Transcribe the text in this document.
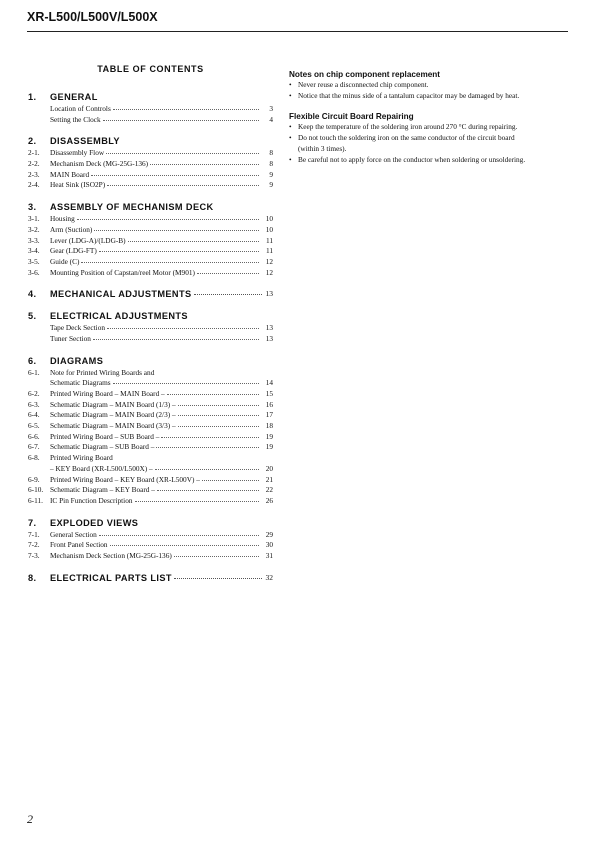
XR-L500/L500V/L500X
TABLE OF CONTENTS
1.	GENERAL
Location of Controls	3
Setting the Clock	4
2.	DISASSEMBLY
2-1.	Disassembly Flow	8
2-2.	Mechanism Deck (MG-25G-136)	8
2-3.	MAIN Board	9
2-4.	Heat Sink (ISO2P)	9
3.	ASSEMBLY OF MECHANISM DECK
3-1.	Housing	10
3-2.	Arm (Suction)	10
3-3.	Lever (LDG-A)/(LDG-B)	11
3-4.	Gear (LDG-FT)	11
3-5.	Guide (C)	12
3-6.	Mounting Position of Capstan/reel Motor (M901)	12
4.	MECHANICAL ADJUSTMENTS	13
5.	ELECTRICAL ADJUSTMENTS
Tape Deck Section	13
Tuner Section	13
6.	DIAGRAMS
6-1.	Note for Printed Wiring Boards and
Schematic Diagrams	14
6-2.	Printed Wiring Board – MAIN Board –	15
6-3.	Schematic Diagram – MAIN Board (1/3) –	16
6-4.	Schematic Diagram – MAIN Board (2/3) –	17
6-5.	Schematic Diagram – MAIN Board (3/3) –	18
6-6.	Printed Wiring Board – SUB Board –	19
6-7.	Schematic Diagram – SUB Board –	19
6-8.	Printed Wiring Board
– KEY Board (XR-L500/L500X) –	20
6-9.	Printed Wiring Board – KEY Board (XR-L500V) –	21
6-10. Schematic Diagram – KEY Board –	22
6-11. IC Pin Function Description	26
7.	EXPLODED VIEWS
7-1.	General Section	29
7-2.	Front Panel Section	30
7-3.	Mechanism Deck Section (MG-25G-136)	31
8.	ELECTRICAL PARTS LIST	32
Notes on chip component replacement
• Never reuse a disconnected chip component.
• Notice that the minus side of a tantalum capacitor may be damaged by heat.
Flexible Circuit Board Repairing
• Keep the temperature of the soldering iron around 270 °C during repairing.
• Do not touch the soldering iron on the same conductor of the circuit board (within 3 times).
• Be careful not to apply force on the conductor when soldering or unsoldering.
2
